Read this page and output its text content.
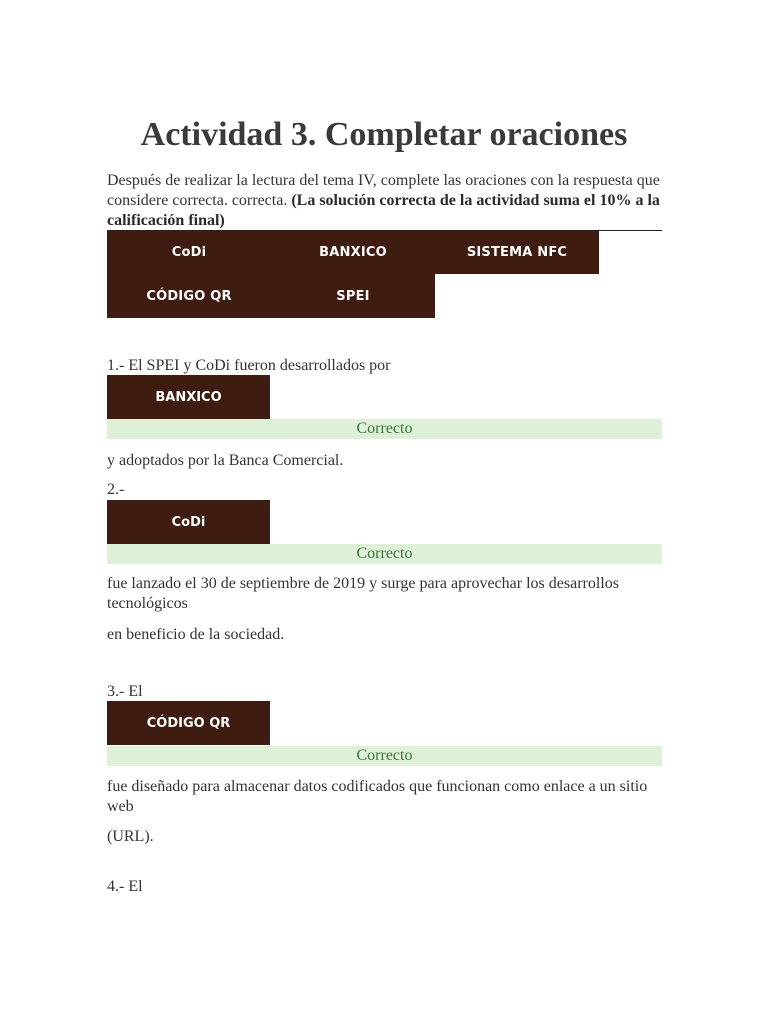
Actividad 3. Completar oraciones
Después de realizar la lectura del tema IV, complete las oraciones con la respuesta que considere correcta. correcta. (La solución correcta de la actividad suma el 10% a la calificación final)
CoDi	BANXICO	SISTEMA NFC
CÓDIGO QR	SPEI
1.- El SPEI y CoDi fueron desarrollados por
BANXICO
Correcto
y adoptados por la Banca Comercial.
2.-
CoDi
Correcto
fue lanzado el 30 de septiembre de 2019 y surge para aprovechar los desarrollos tecnológicos
en beneficio de la sociedad.
3.- El
CÓDIGO QR
Correcto
fue diseñado para almacenar datos codificados que funcionan como enlace a un sitio web
(URL).
4.- El
